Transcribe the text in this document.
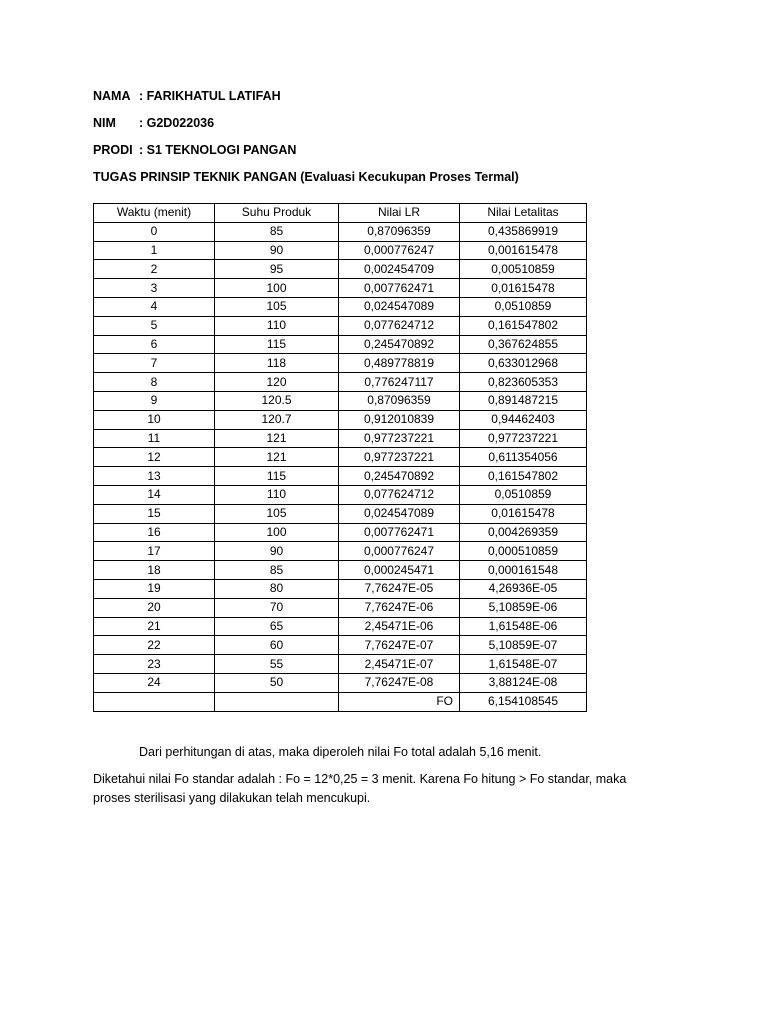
NAMA : FARIKHATUL LATIFAH
NIM : G2D022036
PRODI : S1 TEKNOLOGI PANGAN
TUGAS PRINSIP TEKNIK PANGAN (Evaluasi Kecukupan Proses Termal)
Waktu (menit)	Suhu Produk	Nilai LR	Nilai Letalitas
0	85	0,87096359	0,435869919
1	90	0,000776247	0,001615478
2	95	0,002454709	0,00510859
3	100	0,007762471	0,01615478
4	105	0,024547089	0,0510859
5	110	0,077624712	0,161547802
6	115	0,245470892	0,367624855
7	118	0,489778819	0,633012968
8	120	0,776247117	0,823605353
9	120.5	0,87096359	0,891487215
10	120.7	0,912010839	0,94462403
11	121	0,977237221	0,977237221
12	121	0,977237221	0,611354056
13	115	0,245470892	0,161547802
14	110	0,077624712	0,0510859
15	105	0,024547089	0,01615478
16	100	0,007762471	0,004269359
17	90	0,000776247	0,000510859
18	85	0,000245471	0,000161548
19	80	7,76247E-05	4,26936E-05
20	70	7,76247E-06	5,10859E-06
21	65	2,45471E-06	1,61548E-06
22	60	7,76247E-07	5,10859E-07
23	55	2,45471E-07	1,61548E-07
24	50	7,76247E-08	3,88124E-08
		FO	6,154108545

Dari perhitungan di atas, maka diperoleh nilai Fo total adalah 5,16 menit.

Diketahui nilai Fo standar adalah : Fo = 12*0,25 = 3 menit. Karena Fo hitung > Fo standar, maka proses sterilisasi yang dilakukan telah mencukupi.
